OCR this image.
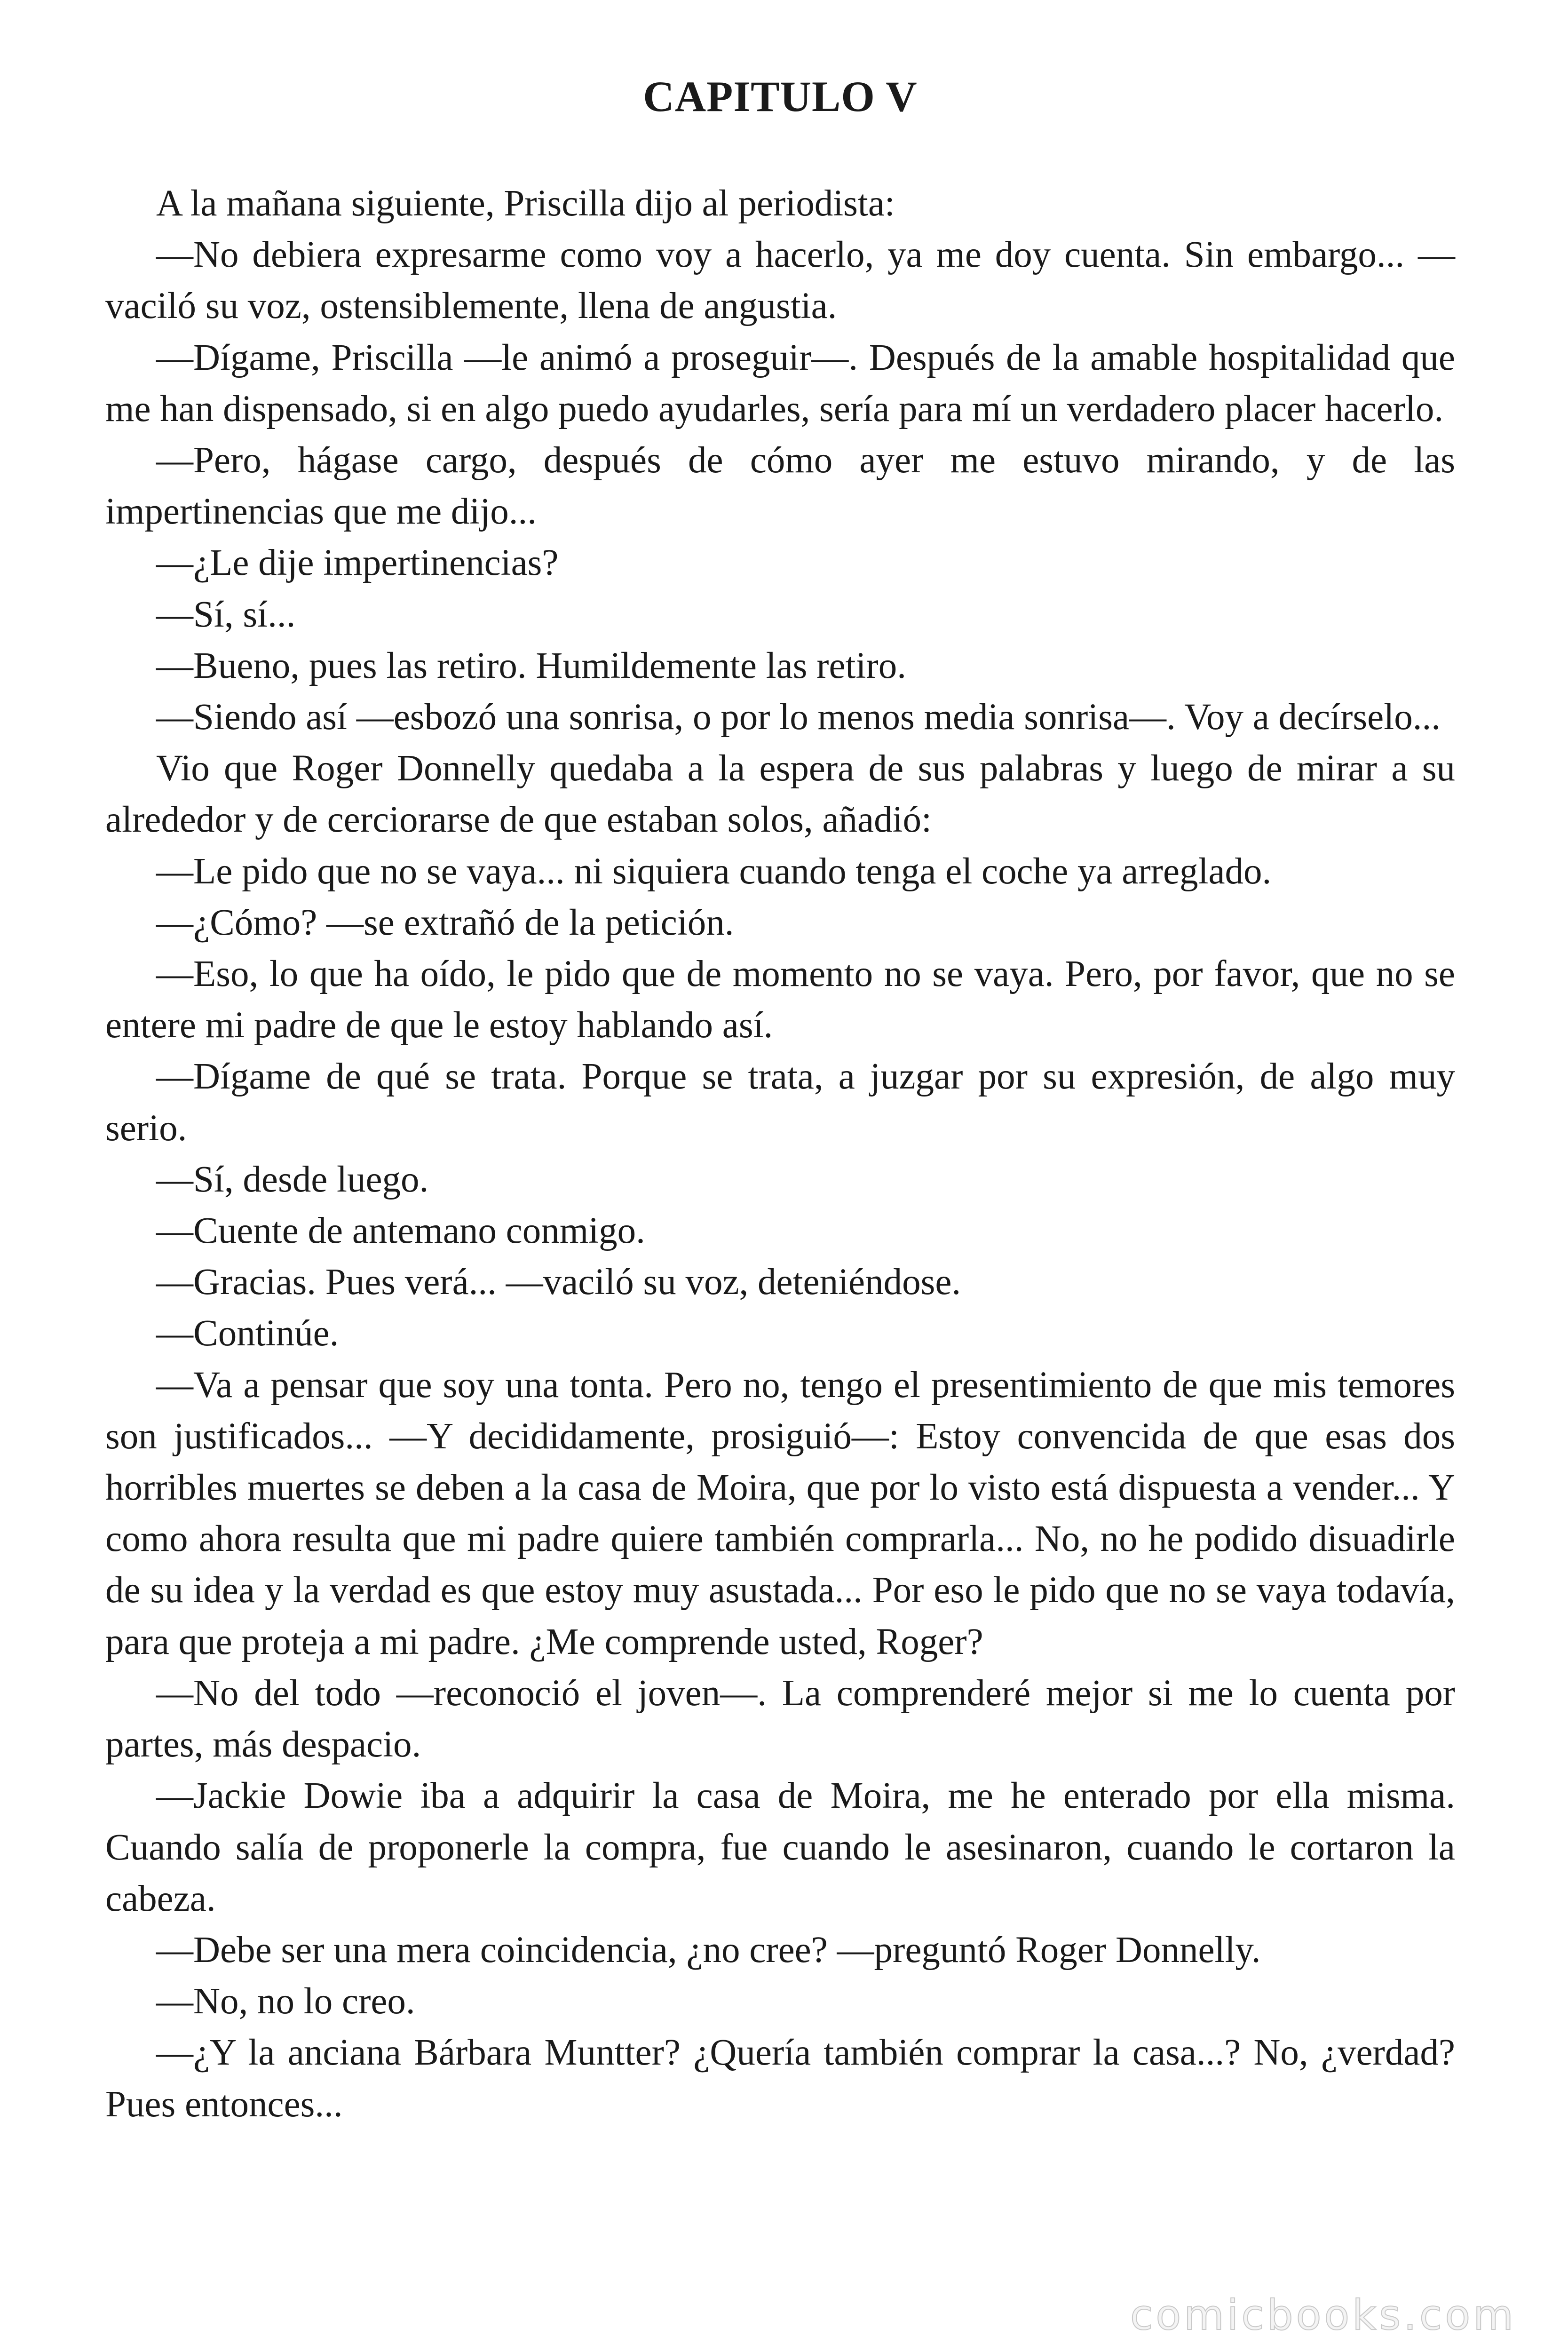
CAPITULO V

A la mañana siguiente, Priscilla dijo al periodista:

—No debiera expresarme como voy a hacerlo, ya me doy cuenta. Sin embargo... —vaciló su voz, ostensiblemente, llena de angustia.

—Dígame, Priscilla —le animó a proseguir—. Después de la amable hospitalidad que me han dispensado, si en algo puedo ayudarles, sería para mí un verdadero placer hacerlo.

—Pero, hágase cargo, después de cómo ayer me estuvo mirando, y de las impertinencias que me dijo...

—¿Le dije impertinencias?

—Sí, sí...

—Bueno, pues las retiro. Humildemente las retiro.

—Siendo así —esbozó una sonrisa, o por lo menos media sonrisa—. Voy a decírselo...

Vio que Roger Donnelly quedaba a la espera de sus palabras y luego de mirar a su alrededor y de cerciorarse de que estaban solos, añadió:

—Le pido que no se vaya... ni siquiera cuando tenga el coche ya arreglado.

—¿Cómo? —se extrañó de la petición.

—Eso, lo que ha oído, le pido que de momento no se vaya. Pero, por favor, que no se entere mi padre de que le estoy hablando así.

—Dígame de qué se trata. Porque se trata, a juzgar por su expresión, de algo muy serio.

—Sí, desde luego.

—Cuente de antemano conmigo.

—Gracias. Pues verá... —vaciló su voz, deteniéndose.

—Continúe.

—Va a pensar que soy una tonta. Pero no, tengo el presentimiento de que mis temores son justificados... —Y decididamente, prosiguió—: Estoy convencida de que esas dos horribles muertes se deben a la casa de Moira, que por lo visto está dispuesta a vender... Y como ahora resulta que mi padre quiere también comprarla... No, no he podido disuadirle de su idea y la verdad es que estoy muy asustada... Por eso le pido que no se vaya todavía, para que proteja a mi padre. ¿Me comprende usted, Roger?

—No del todo —reconoció el joven—. La comprenderé mejor si me lo cuenta por partes, más despacio.

—Jackie Dowie iba a adquirir la casa de Moira, me he enterado por ella misma. Cuando salía de proponerle la compra, fue cuando le asesinaron, cuando le cortaron la cabeza.

—Debe ser una mera coincidencia, ¿no cree? —preguntó Roger Donnelly.

—No, no lo creo.

—¿Y la anciana Bárbara Muntter? ¿Quería también comprar la casa...? No, ¿verdad? Pues entonces...

comicbooks.com
